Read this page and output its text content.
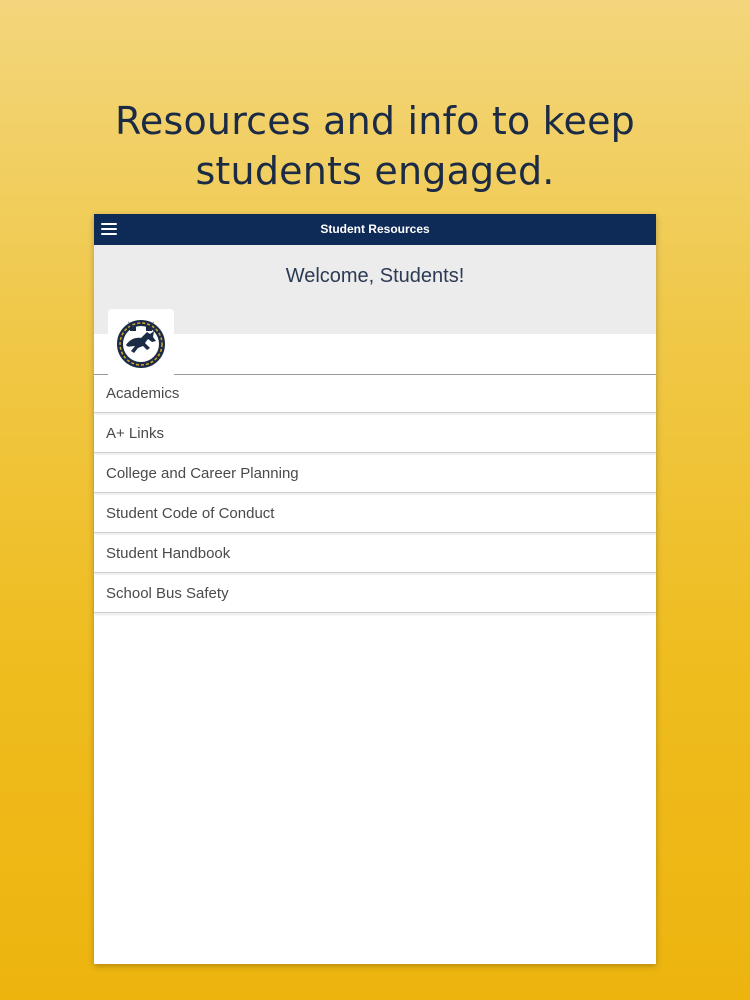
Resources and info to keep
students engaged.
Student Resources
Welcome, Students!
Academics
A+ Links
College and Career Planning
Student Code of Conduct
Student Handbook
School Bus Safety
